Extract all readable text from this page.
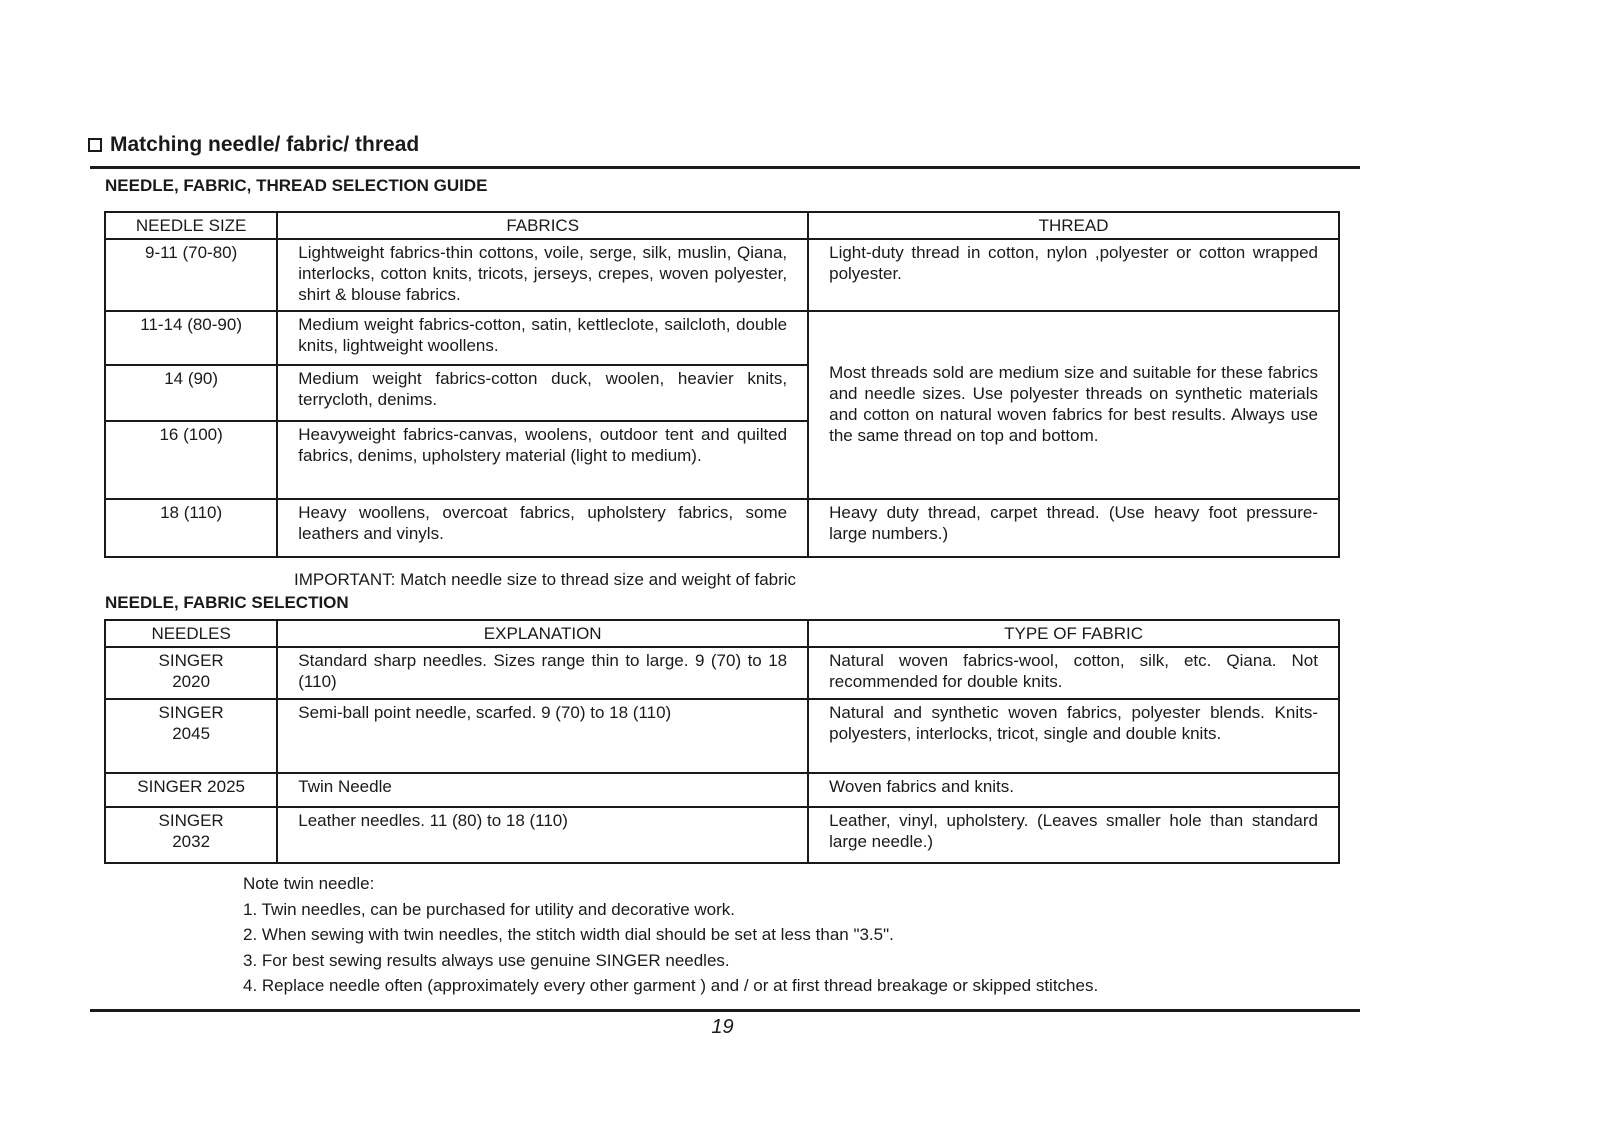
Matching needle/ fabric/ thread
NEEDLE, FABRIC, THREAD SELECTION GUIDE
NEEDLE SIZE	FABRICS	THREAD
9-11 (70-80)	Lightweight fabrics-thin cottons, voile, serge, silk, muslin, Qiana, interlocks, cotton knits, tricots, jerseys, crepes, woven polyester, shirt & blouse fabrics.	Light-duty thread in cotton, nylon ,polyester or cotton wrapped polyester.
11-14 (80-90)	Medium weight fabrics-cotton, satin, kettleclote, sailcloth, double knits, lightweight woollens.	Most threads sold are medium size and suitable for these fabrics and needle sizes. Use polyester threads on synthetic materials and cotton on natural woven fabrics for best results. Always use the same thread on top and bottom.
14 (90)	Medium weight fabrics-cotton duck, woolen, heavier knits, terrycloth, denims.	
16 (100)	Heavyweight fabrics-canvas, woolens, outdoor tent and quilted fabrics, denims, upholstery material (light to medium).	
18 (110)	Heavy woollens, overcoat fabrics, upholstery fabrics, some leathers and vinyls.	Heavy duty thread, carpet thread. (Use heavy foot pressure-large numbers.)
IMPORTANT: Match needle size to thread size and weight of fabric
NEEDLE, FABRIC SELECTION
NEEDLES	EXPLANATION	TYPE OF FABRIC
SINGER 2020	Standard sharp needles. Sizes range thin to large. 9 (70) to 18 (110)	Natural woven fabrics-wool, cotton, silk, etc. Qiana. Not recommended for double knits.
SINGER 2045	Semi-ball point needle, scarfed. 9 (70) to 18 (110)	Natural and synthetic woven fabrics, polyester blends. Knits-polyesters, interlocks, tricot, single and double knits.
SINGER 2025	Twin Needle	Woven fabrics and knits.
SINGER 2032	Leather needles. 11 (80) to 18 (110)	Leather, vinyl, upholstery. (Leaves smaller hole than standard large needle.)
Note twin needle:
1. Twin needles, can be purchased for utility and decorative work.
2. When sewing with twin needles, the stitch width dial should be set at less than "3.5".
3. For best sewing results always use genuine SINGER needles.
4. Replace needle often (approximately every other garment ) and / or at first thread breakage or skipped stitches.
19
